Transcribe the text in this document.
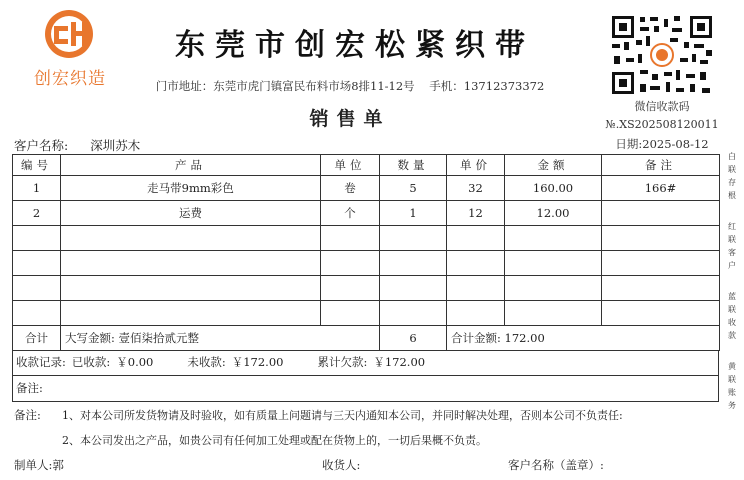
创宏织造
东莞市创宏松紧织带
门市地址：东莞市虎门镇富民布料市场8排11-12号 手机：13712373372
销售单
微信收款码
№.XS202508120011
日期:2025-08-12
客户名称: 深圳苏木
编号	产品	单位	数量	单价	金额	备注
1	走马带9mm彩色	卷	5	32	160.00	166#
2	运费	个	1	12	12.00	

合计	大写金额: 壹佰柒拾贰元整		6	合计金额: 172.00		
收款记录: 已收款: ￥0.00	未收款: ￥172.00	累计欠款: ￥172.00
备注:
备注: 1、对本公司所发货物请及时验收，如有质量上问题请与三天内通知本公司，并同时解决处理，否则本公司不负责任:
2、本公司发出之产品，如贵公司有任何加工处理或配在货物上的，一切后果概不负责。
制单人:郭	收货人:	客户名称（盖章）:
白
联
存
根
红
联
客
户
蓝
联
收
款
黄
联
账
务
